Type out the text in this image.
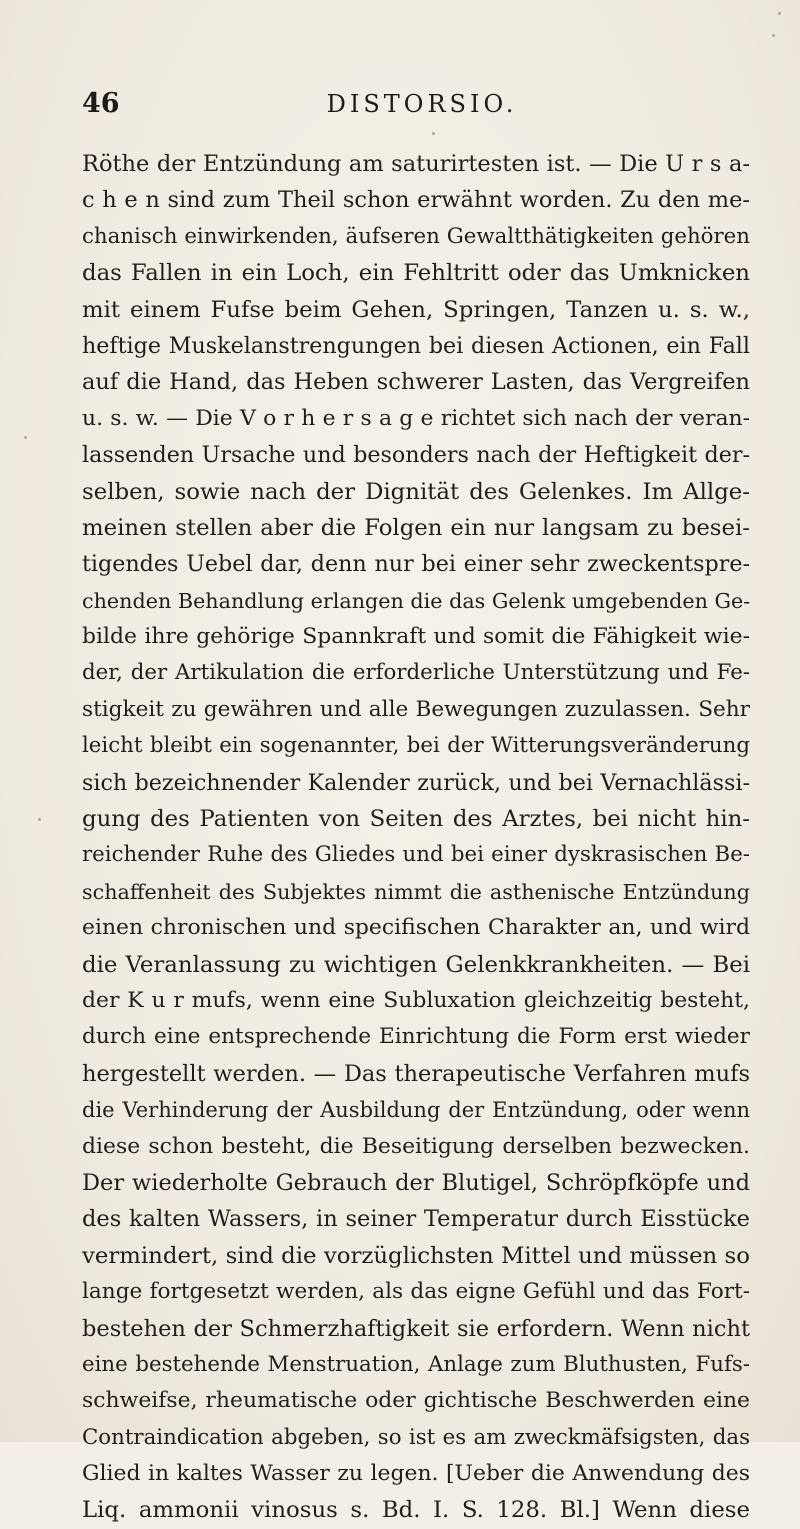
46	DISTORSIO.
Röthe der Entzündung am saturirtesten ist. — Die U r s a-
c h e n sind zum Theil schon erwähnt worden. Zu den me-
chanisch einwirkenden, äufseren Gewaltthätigkeiten gehören
das Fallen in ein Loch, ein Fehltritt oder das Umknicken
mit einem Fufse beim Gehen, Springen, Tanzen u. s. w.,
heftige Muskelanstrengungen bei diesen Actionen, ein Fall
auf die Hand, das Heben schwerer Lasten, das Vergreifen
u. s. w. — Die V o r h e r s a g e richtet sich nach der veran-
lassenden Ursache und besonders nach der Heftigkeit der-
selben, sowie nach der Dignität des Gelenkes. Im Allge-
meinen stellen aber die Folgen ein nur langsam zu besei-
tigendes Uebel dar, denn nur bei einer sehr zweckentspre-
chenden Behandlung erlangen die das Gelenk umgebenden Ge-
bilde ihre gehörige Spannkraft und somit die Fähigkeit wie-
der, der Artikulation die erforderliche Unterstützung und Fe-
stigkeit zu gewähren und alle Bewegungen zuzulassen. Sehr
leicht bleibt ein sogenannter, bei der Witterungsveränderung
sich bezeichnender Kalender zurück, und bei Vernachlässi-
gung des Patienten von Seiten des Arztes, bei nicht hin-
reichender Ruhe des Gliedes und bei einer dyskrasischen Be-
schaffenheit des Subjektes nimmt die asthenische Entzündung
einen chronischen und specifischen Charakter an, und wird
die Veranlassung zu wichtigen Gelenkkrankheiten. — Bei
der K u r mufs, wenn eine Subluxation gleichzeitig besteht,
durch eine entsprechende Einrichtung die Form erst wieder
hergestellt werden. — Das therapeutische Verfahren mufs
die Verhinderung der Ausbildung der Entzündung, oder wenn
diese schon besteht, die Beseitigung derselben bezwecken.
Der wiederholte Gebrauch der Blutigel, Schröpfköpfe und
des kalten Wassers, in seiner Temperatur durch Eisstücke
vermindert, sind die vorzüglichsten Mittel und müssen so
lange fortgesetzt werden, als das eigne Gefühl und das Fort-
bestehen der Schmerzhaftigkeit sie erfordern. Wenn nicht
eine bestehende Menstruation, Anlage zum Bluthusten, Fufs-
schweifse, rheumatische oder gichtische Beschwerden eine
Contraindication abgeben, so ist es am zweckmäfsigsten, das
Glied in kaltes Wasser zu legen. [Ueber die Anwendung des
Liq. ammonii vinosus s. Bd. I. S. 128. Bl.] Wenn diese
